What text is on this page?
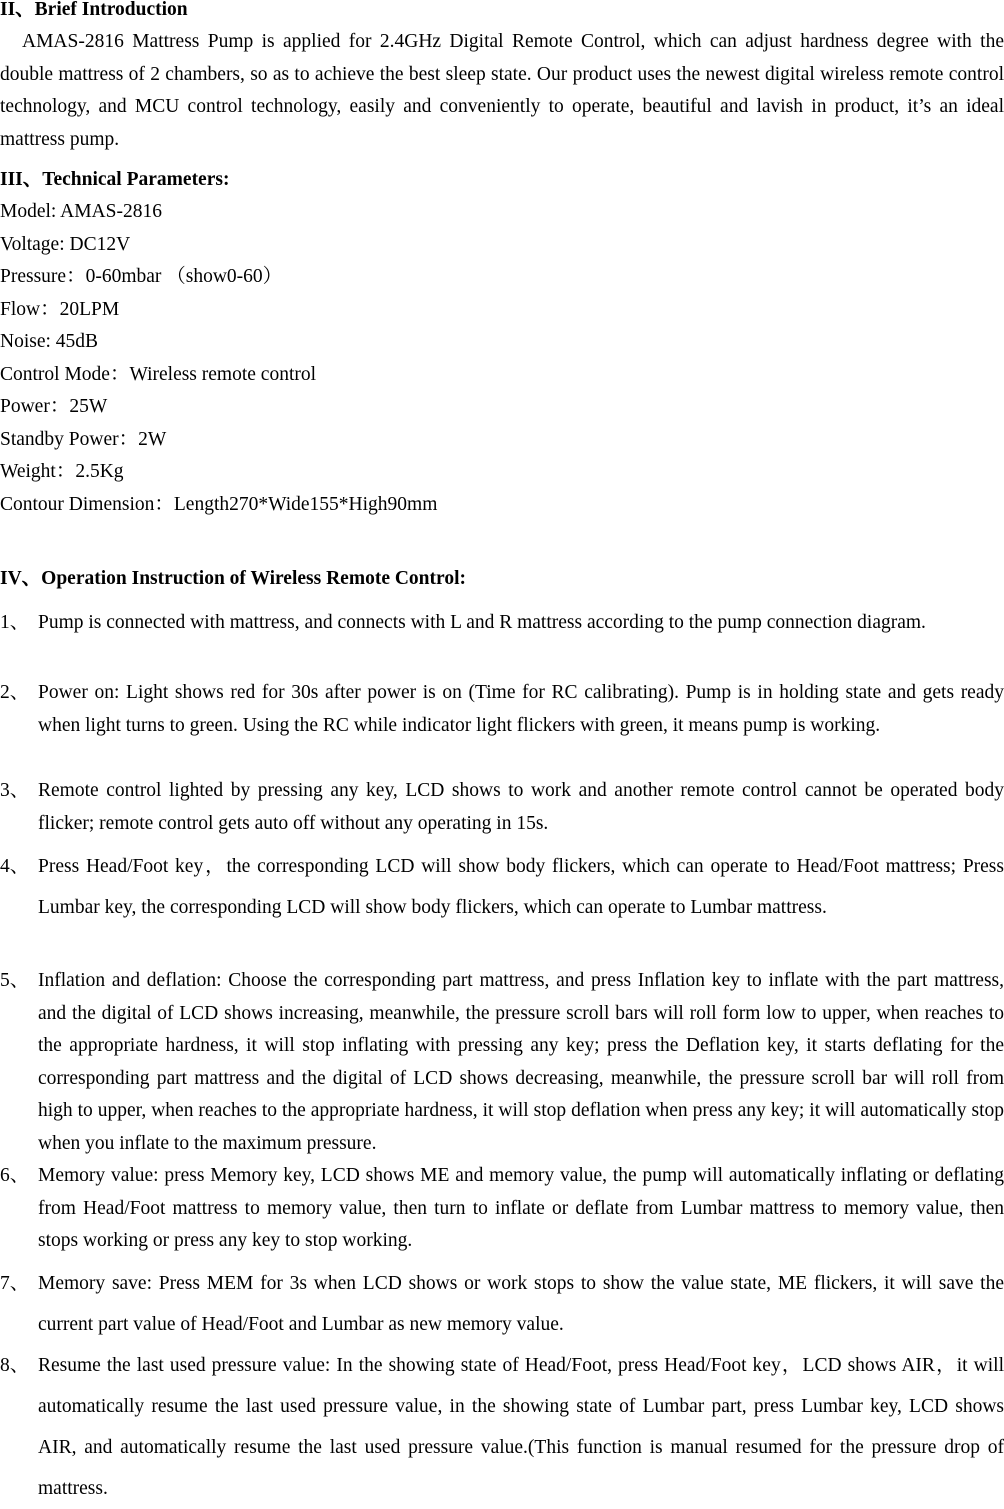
II、Brief Introduction

AMAS-2816 Mattress Pump is applied for 2.4GHz Digital Remote Control, which can adjust hardness degree with the double mattress of 2 chambers, so as to achieve the best sleep state. Our product uses the newest digital wireless remote control technology, and MCU control technology, easily and conveniently to operate, beautiful and lavish in product, it’s an ideal mattress pump.

III、Technical Parameters:

Model: AMAS-2816
Voltage: DC12V
Pressure：0-60mbar （show0-60）
Flow：20LPM
Noise: 45dB
Control Mode：Wireless remote control
Power：25W
Standby Power：2W
Weight：2.5Kg
Contour Dimension：Length270*Wide155*High90mm

IV、Operation Instruction of Wireless Remote Control:

1、 Pump is connected with mattress, and connects with L and R mattress according to the pump connection diagram.

2、 Power on: Light shows red for 30s after power is on (Time for RC calibrating). Pump is in holding state and gets ready when light turns to green. Using the RC while indicator light flickers with green, it means pump is working.

3、 Remote control lighted by pressing any key, LCD shows to work and another remote control cannot be operated body flicker; remote control gets auto off without any operating in 15s.

4、 Press Head/Foot key，the corresponding LCD will show body flickers, which can operate to Head/Foot mattress; Press Lumbar key, the corresponding LCD will show body flickers, which can operate to Lumbar mattress.

5、 Inflation and deflation: Choose the corresponding part mattress, and press Inflation key to inflate with the part mattress, and the digital of LCD shows increasing, meanwhile, the pressure scroll bars will roll form low to upper, when reaches to the appropriate hardness, it will stop inflating with pressing any key; press the Deflation key, it starts deflating for the corresponding part mattress and the digital of LCD shows decreasing, meanwhile, the pressure scroll bar will roll from high to upper, when reaches to the appropriate hardness, it will stop deflation when press any key; it will automatically stop when you inflate to the maximum pressure.

6、 Memory value: press Memory key, LCD shows ME and memory value, the pump will automatically inflating or deflating from Head/Foot mattress to memory value, then turn to inflate or deflate from Lumbar mattress to memory value, then stops working or press any key to stop working.

7、 Memory save: Press MEM for 3s when LCD shows or work stops to show the value state, ME flickers, it will save the current part value of Head/Foot and Lumbar as new memory value.

8、 Resume the last used pressure value: In the showing state of Head/Foot, press Head/Foot key，LCD shows AIR，it will automatically resume the last used pressure value, in the showing state of Lumbar part, press Lumbar key, LCD shows AIR, and automatically resume the last used pressure value.(This function is manual resumed for the pressure drop of mattress.
